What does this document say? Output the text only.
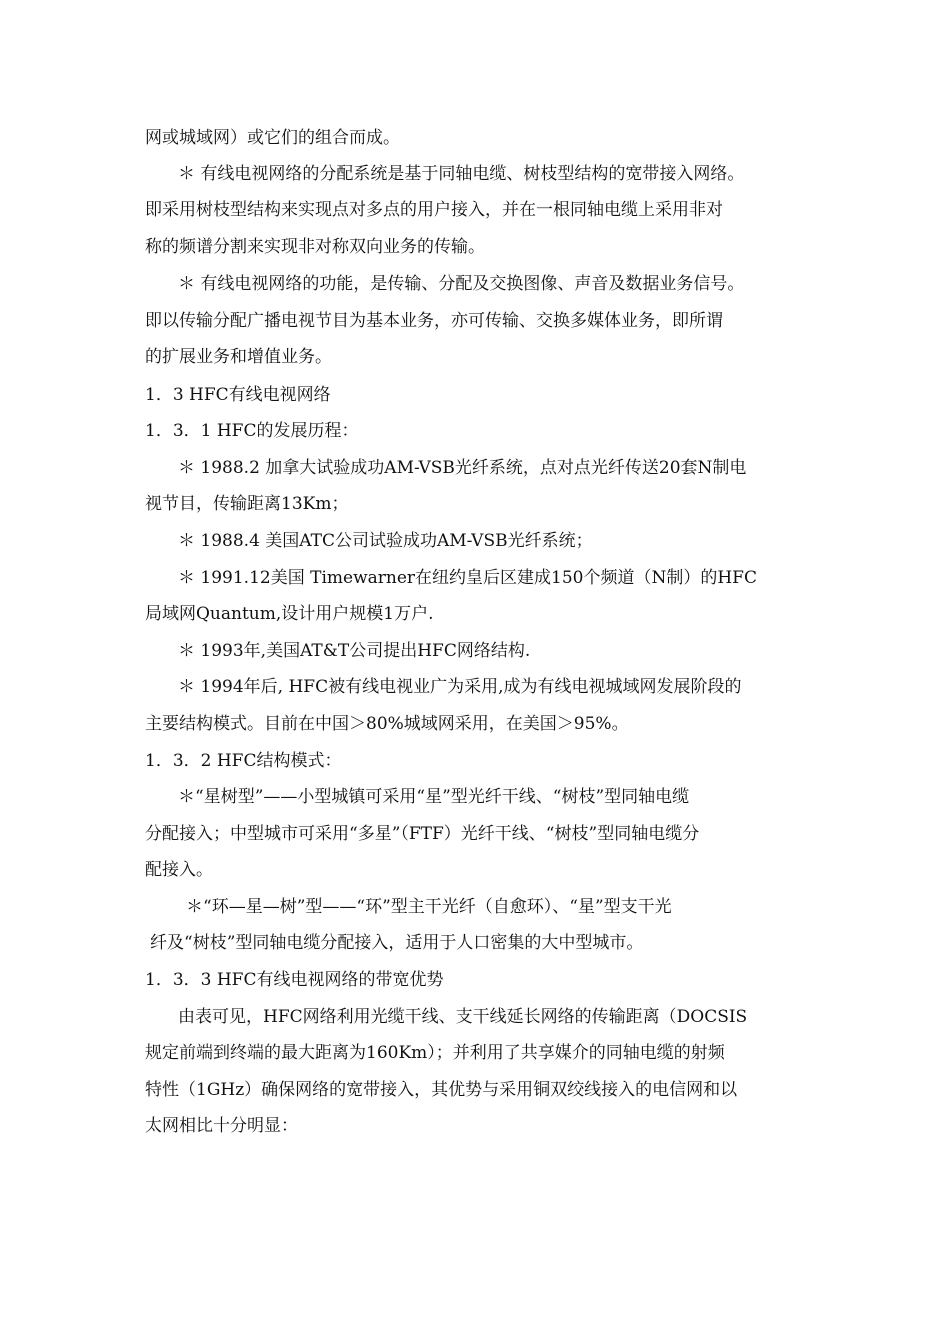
网或城域网）或它们的组合而成。
＊ 有线电视网络的分配系统是基于同轴电缆、树枝型结构的宽带接入网络。
即采用树枝型结构来实现点对多点的用户接入，并在一根同轴电缆上采用非对
称的频谱分割来实现非对称双向业务的传输。
＊ 有线电视网络的功能，是传输、分配及交换图像、声音及数据业务信号。
即以传输分配广播电视节目为基本业务，亦可传输、交换多媒体业务，即所谓
的扩展业务和增值业务。
1．3 HFC有线电视网络
1．3．1 HFC的发展历程：
＊ 1988.2 加拿大试验成功AM-VSB光纤系统，点对点光纤传送20套N制电
视节目，传输距离13Km；
＊ 1988.4 美国ATC公司试验成功AM-VSB光纤系统；
＊ 1991.12美国 Timewarner在纽约皇后区建成150个频道（N制）的HFC
局域网Quantum,设计用户规模1万户.
＊ 1993年,美国AT&T公司提出HFC网络结构.
＊ 1994年后, HFC被有线电视业广为采用,成为有线电视城域网发展阶段的
主要结构模式。目前在中国＞80%城域网采用，在美国＞95%。
1．3．2 HFC结构模式：
＊“星树型”——小型城镇可采用“星”型光纤干线、“树枝”型同轴电缆
分配接入；中型城市可采用“多星”（FTF）光纤干线、“树枝”型同轴电缆分
配接入。
＊“环—星—树”型——“环”型主干光纤（自愈环）、“星”型支干光
纤及“树枝”型同轴电缆分配接入，适用于人口密集的大中型城市。
1．3．3 HFC有线电视网络的带宽优势
由表可见，HFC网络利用光缆干线、支干线延长网络的传输距离（DOCSIS
规定前端到终端的最大距离为160Km）；并利用了共享媒介的同轴电缆的射频
特性（1GHz）确保网络的宽带接入，其优势与采用铜双绞线接入的电信网和以
太网相比十分明显：
